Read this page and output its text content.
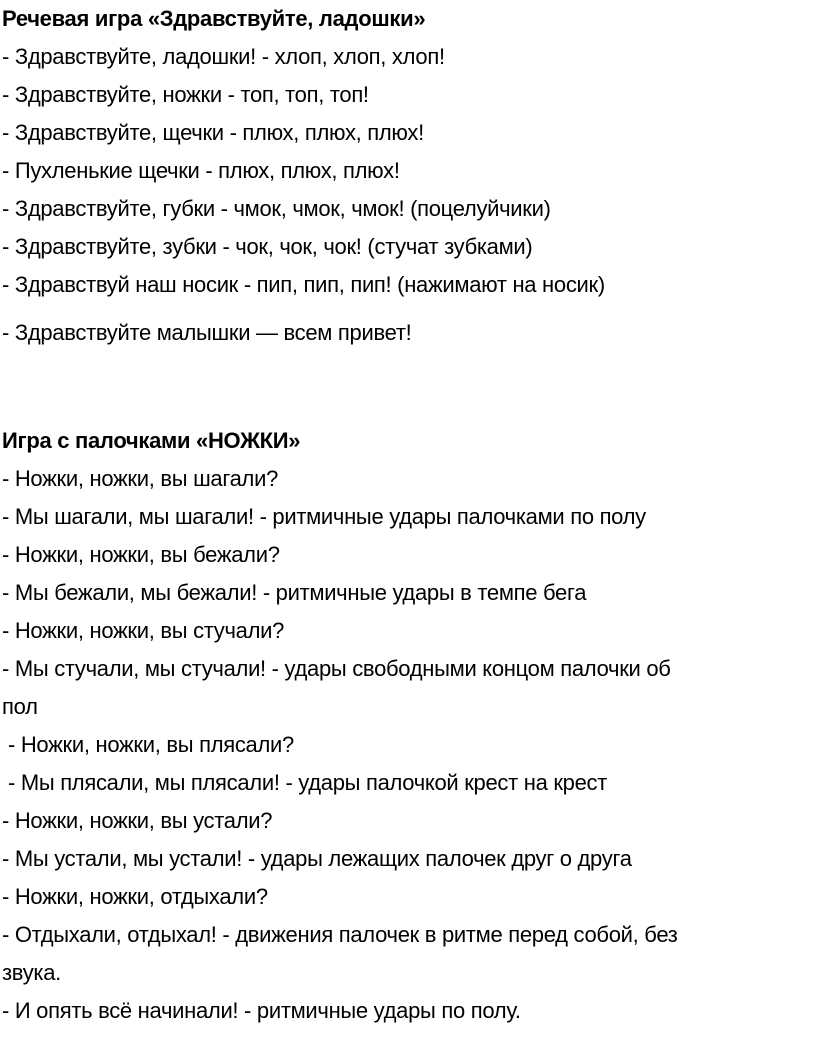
Речевая игра «Здравствуйте, ладошки»
- Здравствуйте, ладошки! - хлоп, хлоп, хлоп!
- Здравствуйте, ножки - топ, топ, топ!
- Здравствуйте, щечки - плюх, плюх, плюх!
- Пухленькие щечки - плюх, плюх, плюх!
- Здравствуйте, губки - чмок, чмок, чмок! (поцелуйчики)
- Здравствуйте, зубки - чок, чок, чок! (стучат зубками)
- Здравствуй наш носик - пип, пип, пип! (нажимают на носик)
- Здравствуйте малышки — всем привет!
Игра с палочками «НОЖКИ»
- Ножки, ножки, вы шагали?
- Мы шагали, мы шагали! - ритмичные удары палочками по полу
- Ножки, ножки, вы бежали?
- Мы бежали, мы бежали! - ритмичные удары в темпе бега
- Ножки, ножки, вы стучали?
- Мы стучали, мы стучали! - удары свободными концом палочки об
пол
- Ножки, ножки, вы плясали?
- Мы плясали, мы плясали! - удары палочкой крест на крест
- Ножки, ножки, вы устали?
- Мы устали, мы устали! - удары лежащих палочек друг о друга
- Ножки, ножки, отдыхали?
- Отдыхали, отдыхал! - движения палочек в ритме перед собой, без
звука.
- И опять всё начинали! - ритмичные удары по полу.
